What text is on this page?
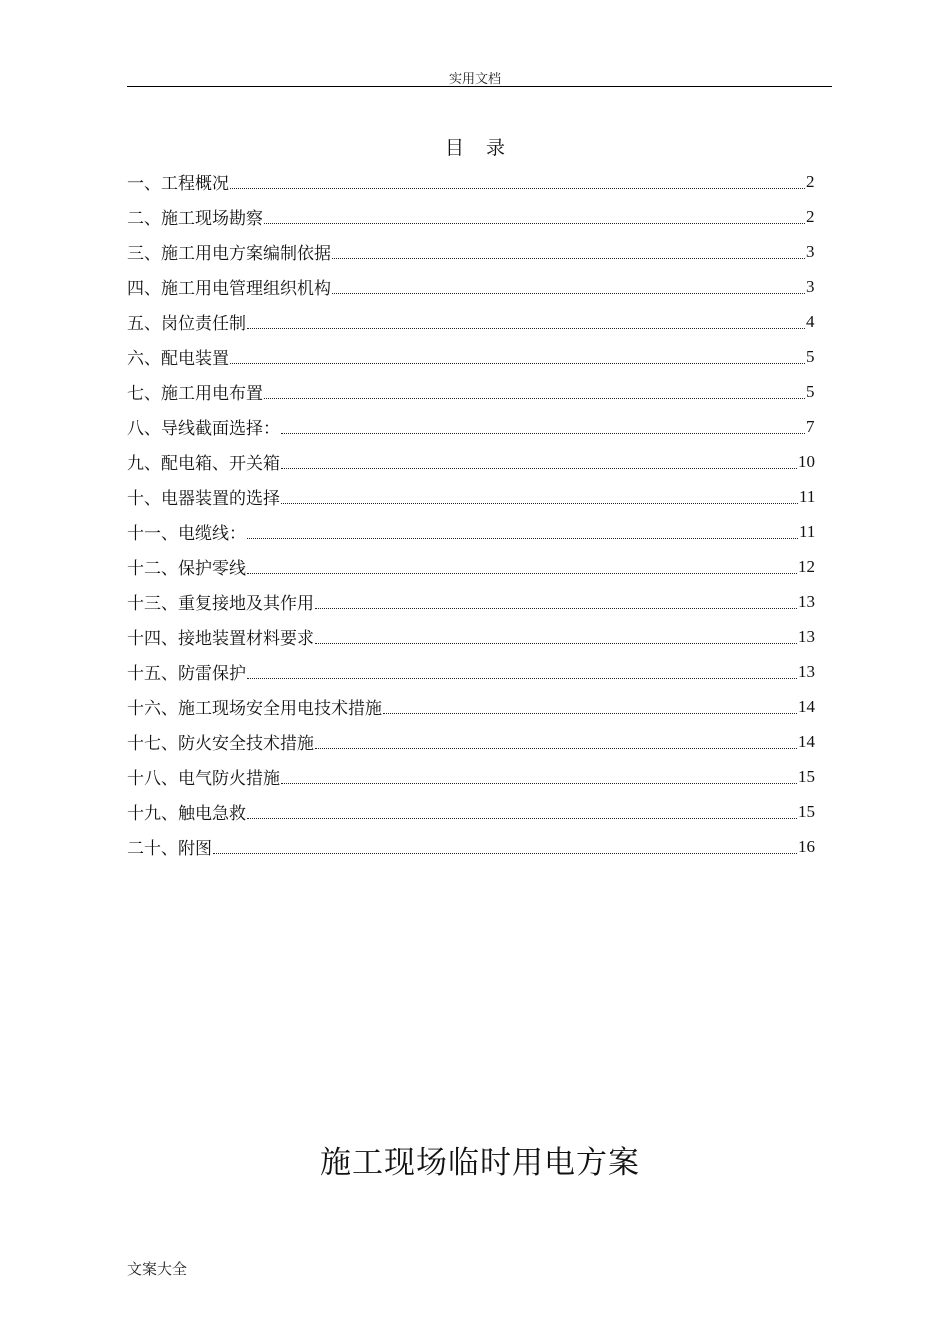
实用文档
目录
一、工程概况	2
二、施工现场勘察	2
三、施工用电方案编制依据	3
四、施工用电管理组织机构	3
五、岗位责任制	4
六、配电装置	5
七、施工用电布置	5
八、导线截面选择：	7
九、配电箱、开关箱	10
十、电器装置的选择	11
十一、电缆线：	11
十二、保护零线	12
十三、重复接地及其作用	13
十四、接地装置材料要求	13
十五、防雷保护	13
十六、施工现场安全用电技术措施	14
十七、防火安全技术措施	14
十八、电气防火措施	15
十九、触电急救	15
二十、附图	16
施工现场临时用电方案
文案大全
